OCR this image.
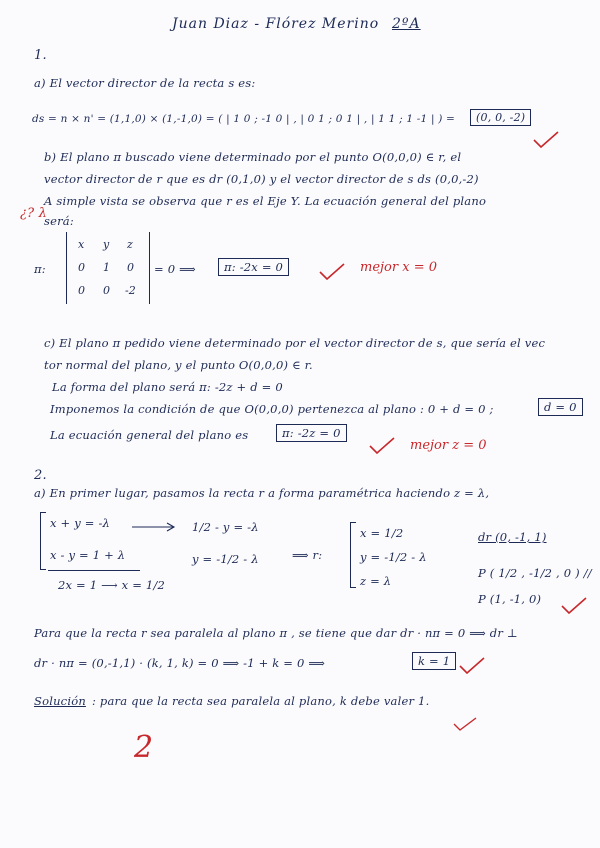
Juan Diaz - Flórez Merino 2ºA
1.
a) El vector director de la recta s es:
ds = n × n' = (1,1,0) × (1,-1,0) = ( | 1 0 ; -1 0 | , | 0 1 ; 0 1 | , | 1 1 ; 1 -1 | ) =	(0, 0, -2)
b) El plano π buscado viene determinado por el punto O(0,0,0) ∈ r, el
vector director de r que es dr (0,1,0) y el vector director de s ds (0,0,-2)
A simple vista se observa que r es el Eje Y. La ecuación general del plano
¿? λ
será:
π:
x y z
0 1 0
0 0 -2
= 0 ⟹	π: -2x = 0	mejor x = 0
c) El plano π pedido viene determinado por el vector director de s, que sería el vec
tor normal del plano, y el punto O(0,0,0) ∈ r.
La forma del plano será π: -2z + d = 0
Imponemos la condición de que O(0,0,0) pertenezca al plano : 0 + d = 0 ;	d = 0
La ecuación general del plano es	π: -2z = 0
mejor z = 0
2.
a) En primer lugar, pasamos la recta r a forma paramétrica haciendo z = λ,
x + y = -λ
x - y = 1 + λ
2x = 1 ⟶ x = 1/2
1/2 - y = -λ
y = -1/2 - λ	⟹ r:
x = 1/2
y = -1/2 - λ
z = λ
dr (0, -1, 1)
P ( 1/2 , -1/2 , 0 ) //
P (1, -1, 0)
Para que la recta r sea paralela al plano π , se tiene que dar dr · nπ = 0 ⟹ dr ⊥
dr · nπ = (0,-1,1) · (k, 1, k) = 0 ⟹ -1 + k = 0 ⟹	k = 1
Solución : para que la recta sea paralela al plano, k debe valer 1.
2
